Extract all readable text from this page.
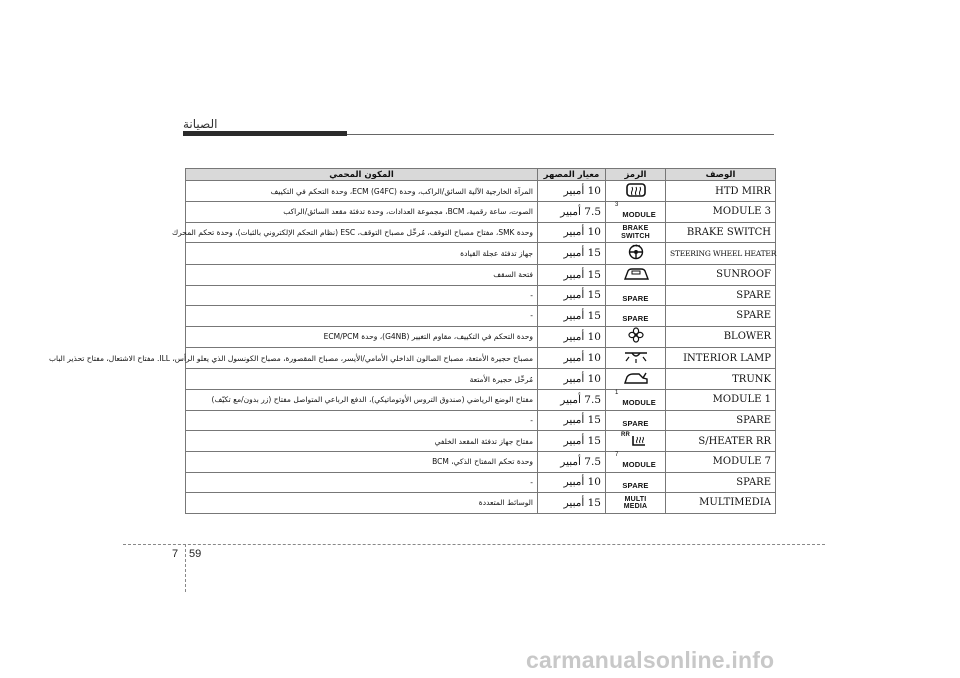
الصيانة
المكون المحمي	معيار المصهر	الرمز	الوصف
المرآة الخارجية الآلية السائق/الراكب، وحدة ECM (G4FC)، وحدة التحكم في التكييف	10 أمبير		HTD MIRR
الصوت، ساعة رقمية، BCM، مجموعة العدادات، وحدة تدفئة مقعد السائق/الراكب	7.5 أمبير	$^3$MODULE	MODULE 3
وحدة SMK، مفتاح مصباح التوقف، مُرحِّل مصباح التوقف، ESC (نظام التحكم الإلكتروني بالثبات)، وحدة تحكم المحرك	10 أمبير	BRAKE SWITCH	BRAKE SWITCH
جهاز تدفئة عجلة القيادة	15 أمبير		STEERING WHEEL HEATER
فتحة السقف	15 أمبير		SUNROOF
-	15 أمبير	SPARE	SPARE
-	15 أمبير	SPARE	SPARE
وحدة التحكم في التكييف، مقاوم التغيير (G4NB)، وحدة ECM/PCM	10 أمبير		BLOWER
مصباح حجيرة الأمتعة، مصباح الصالون الداخلي الأمامي/الأيسر، مصباح المقصورة، مصباح الكونسول الذي يعلو الرأس، ILL. مفتاح الاشتعال، مفتاح تحذير الباب	10 أمبير		INTERIOR LAMP
مُرحِّل حجيرة الأمتعة	10 أمبير		TRUNK
مفتاح الوضع الرياضي (صندوق التروس الأوتوماتيكي)، الدفع الرباعي المتواصل مفتاح (زر بدون/مع تكيّف)	7.5 أمبير	$^1$MODULE	MODULE 1
-	15 أمبير	SPARE	SPARE
مفتاح جهاز تدفئة المقعد الخلفي	15 أمبير	RR	S/HEATER RR
وحدة تحكم المفتاح الذكي، BCM	7.5 أمبير	$^7$MODULE	MODULE 7
-	10 أمبير	SPARE	SPARE
الوسائط المتعددة	15 أمبير	MULTI MEDIA	MULTIMEDIA
7 59
carmanualsonline.info
